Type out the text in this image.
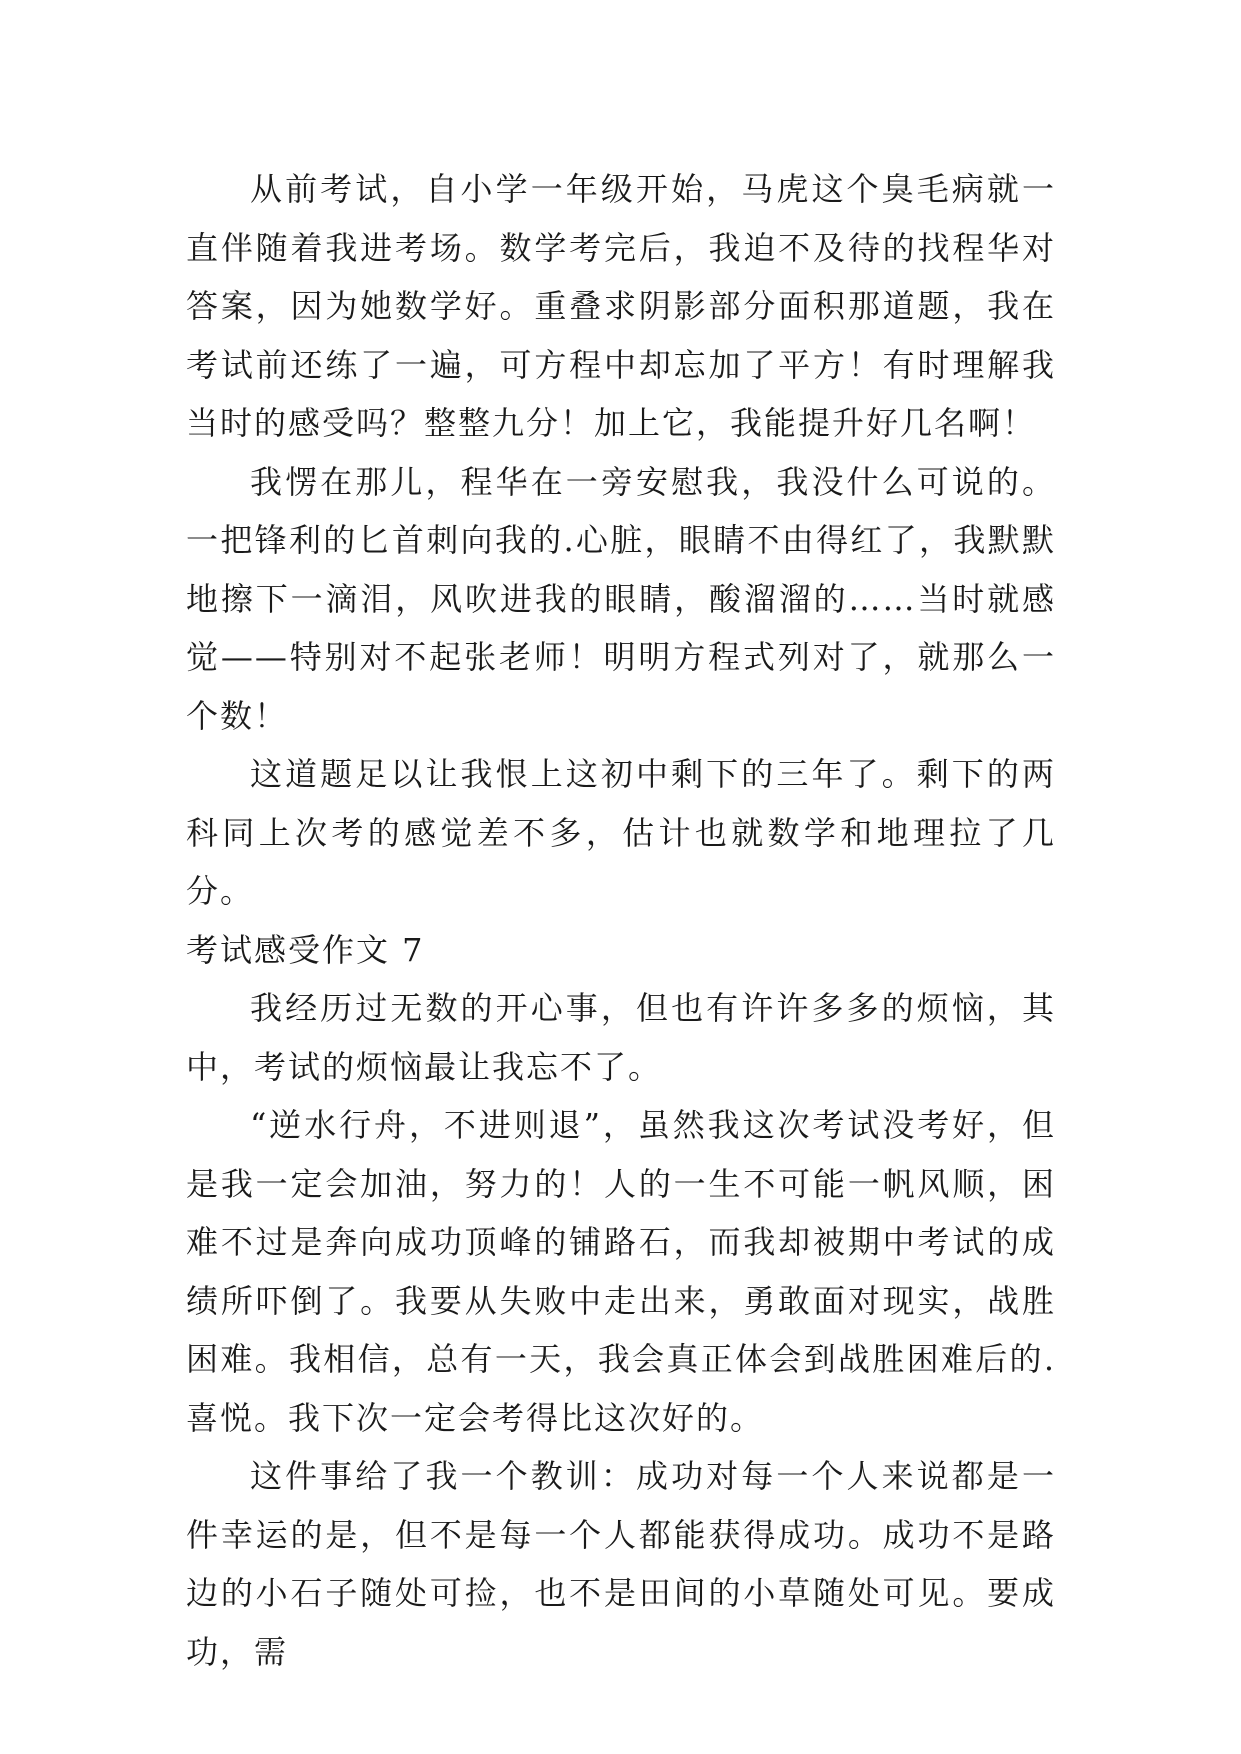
从前考试，自小学一年级开始，马虎这个臭毛病就一直伴随着我进考场。数学考完后，我迫不及待的找程华对答案，因为她数学好。重叠求阴影部分面积那道题，我在考试前还练了一遍，可方程中却忘加了平方！有时理解我当时的感受吗？整整九分！加上它，我能提升好几名啊！

我愣在那儿，程华在一旁安慰我，我没什么可说的。一把锋利的匕首刺向我的.心脏，眼睛不由得红了，我默默地擦下一滴泪，风吹进我的眼睛，酸溜溜的……当时就感觉——特别对不起张老师！明明方程式列对了，就那么一个数！

这道题足以让我恨上这初中剩下的三年了。剩下的两科同上次考的感觉差不多，估计也就数学和地理拉了几分。

考试感受作文 7

我经历过无数的开心事，但也有许许多多的烦恼，其中，考试的烦恼最让我忘不了。

“逆水行舟，不进则退”，虽然我这次考试没考好，但是我一定会加油，努力的！人的一生不可能一帆风顺，困难不过是奔向成功顶峰的铺路石，而我却被期中考试的成绩所吓倒了。我要从失败中走出来，勇敢面对现实，战胜困难。我相信，总有一天，我会真正体会到战胜困难后的.喜悦。我下次一定会考得比这次好的。

这件事给了我一个教训：成功对每一个人来说都是一件幸运的是，但不是每一个人都能获得成功。成功不是路边的小石子随处可捡，也不是田间的小草随处可见。要成功，需
